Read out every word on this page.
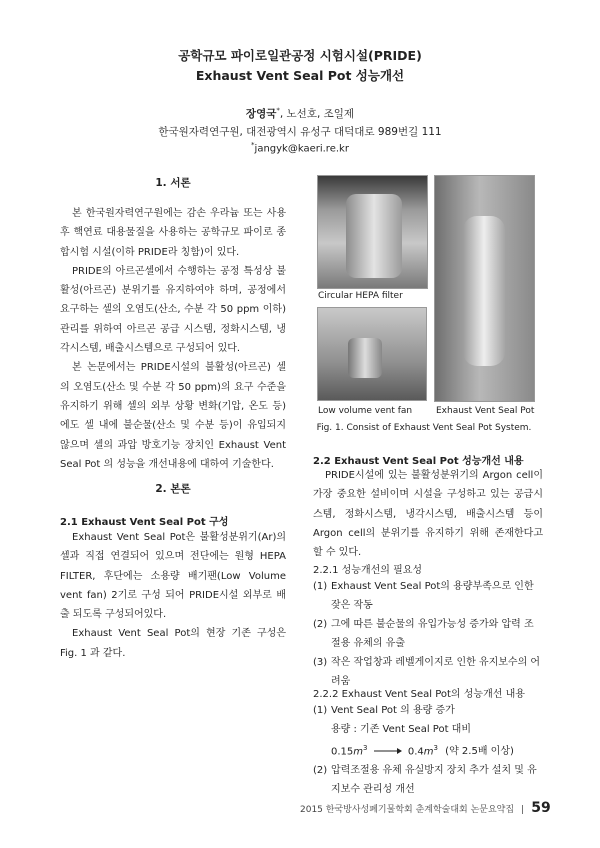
공학규모 파이로일관공정 시험시설(PRIDE)
Exhaust Vent Seal Pot 성능개선
장영국*, 노선호, 조일제
한국원자력연구원, 대전광역시 유성구 대덕대로 989번길 111
*jangyk@kaeri.re.kr
1. 서론

본 한국원자력연구원에는 감손 우라늄 또는 사용후 핵연료 대용물질을 사용하는 공학규모 파이로 종합시험 시설(이하 PRIDE라 칭함)이 있다.

PRIDE의 아르곤셀에서 수행하는 공정 특성상 불활성(아르곤) 분위기를 유지하여야 하며, 공정에서 요구하는 셀의 오염도(산소, 수분 각 50 ppm 이하) 관리를 위하여 아르곤 공급 시스템, 정화시스템, 냉각시스템, 배출시스템으로 구성되어 있다.

본 논문에서는 PRIDE시설의 불활성(아르곤) 셀의 오염도(산소 및 수분 각 50 ppm)의 요구 수준을 유지하기 위해 셀의 외부 상황 변화(기압, 온도 등)에도 셀 내에 불순물(산소 및 수분 등)이 유입되지 않으며 셀의 과압 방호기능 장치인 Exhaust Vent Seal Pot 의 성능을 개선내용에 대하여 기술한다.

2. 본론
2.1 Exhaust Vent Seal Pot 구성

Exhaust Vent Seal Pot은 불활성분위기(Ar)의 셀과 직접 연결되어 있으며 전단에는 원형 HEPA FILTER, 후단에는 소용량 배기팬(Low Volume vent fan) 2기로 구성 되어 PRIDE시설 외부로 배출 되도록 구성되어있다.

Exhaust Vent Seal Pot의 현장 기존 구성은 Fig. 1 과 같다.

Circular HEPA filter
Low volume vent fan	Exhaust Vent Seal Pot
Fig. 1. Consist of Exhaust Vent Seal Pot System.
2.2 Exhaust Vent Seal Pot 성능개선 내용

PRIDE시설에 있는 불활성분위기의 Argon cell이 가장 중요한 설비이며 시설을 구성하고 있는 공급시스템, 정화시스템, 냉각시스템, 배출시스템 등이 Argon cell의 분위기를 유지하기 위해 존재한다고 할 수 있다.

2.2.1 성능개선의 필요성
(1) Exhaust Vent Seal Pot의 용량부족으로 인한 잦은 작동
(2) 그에 따른 불순물의 유입가능성 증가와 압력 조절용 유체의 유출
(3) 작은 작업창과 레벨게이지로 인한 유지보수의 어려움
2.2.2 Exhaust Vent Seal Pot의 성능개선 내용
(1) Vent Seal Pot 의 용량 증가
용량 : 기존 Vent Seal Pot 대비
$0.15m^3$	$0.4m^3$ (약 2.5배 이상)
(2) 압력조절용 유체 유실방지 장치 추가 설치 및 유지보수 관리성 개선
2015 한국방사성폐기물학회 춘계학술대회 논문요약집 | 59
